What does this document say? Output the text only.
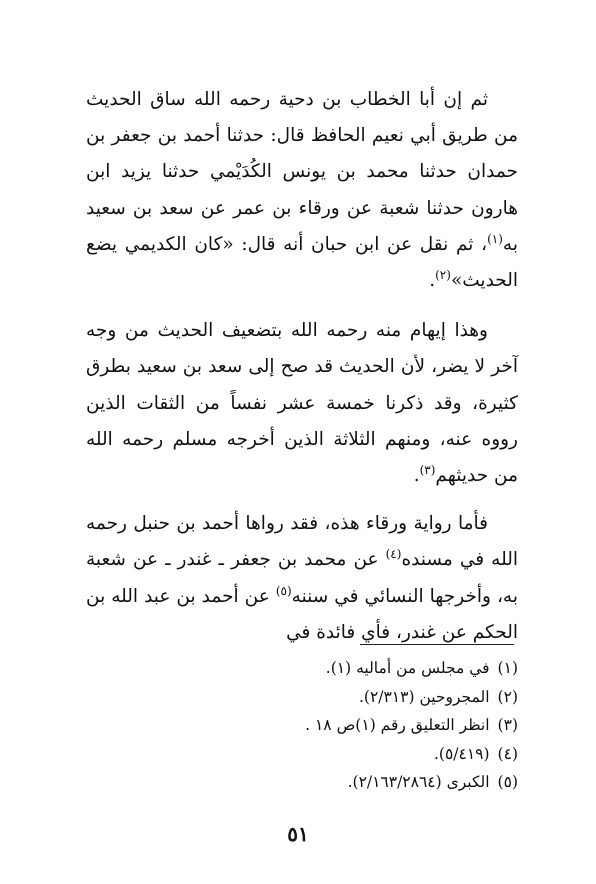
ثم إن أبا الخطاب بن دحية رحمه الله ساق الحديث من طريق أبي نعيم الحافظ قال: حدثنا أحمد بن جعفر بن حمدان حدثنا محمد بن يونس الكُدَيْمي حدثنا يزيد ابن هارون حدثنا شعبة عن ورقاء بن عمر عن سعد بن سعيد به$^{(١)}$، ثم نقل عن ابن حبان أنه قال: «كان الكديمي يضع الحديث»$^{(٢)}$.

وهذا إيهام منه رحمه الله بتضعيف الحديث من وجه آخر لا يضر، لأن الحديث قد صح إلى سعد بن سعيد بطرق كثيرة، وقد ذكرنا خمسة عشر نفساً من الثقات الذين رووه عنه، ومنهم الثلاثة الذين أخرجه مسلم رحمه الله من حديثهم$^{(٣)}$.

فأما رواية ورقاء هذه، فقد رواها أحمد بن حنبل رحمه الله في مسنده$^{(٤)}$ عن محمد بن جعفر ـ غندر ـ عن شعبة به، وأخرجها النسائي في سننه$^{(٥)}$ عن أحمد بن عبد الله بن الحكم عن غندر، فأي فائدة في

(١)في مجلس من أماليه (١).
(٢)المجروحين (٢/٣١٣).
(٣)انظر التعليق رقم (١)ص ١٨ .
(٤)(٥/٤١٩).
(٥)الكبرى (٢/١٦٣/٢٨٦٤).
٥١
